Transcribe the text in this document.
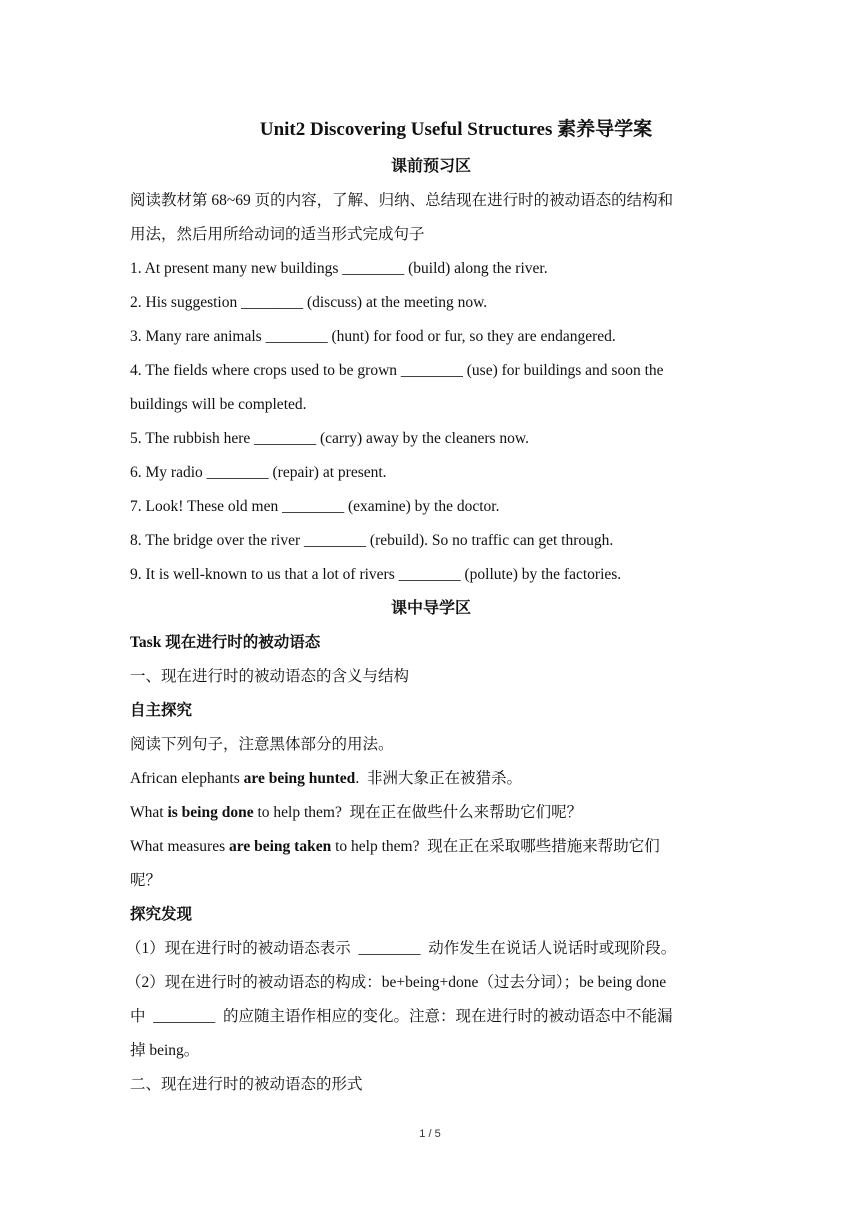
Unit2 Discovering Useful Structures 素养导学案
课前预习区
阅读教材第 68~69 页的内容，了解、归纳、总结现在进行时的被动语态的结构和
用法，然后用所给动词的适当形式完成句子
1. At present many new buildings ________ (build) along the river.
2. His suggestion ________ (discuss) at the meeting now.
3. Many rare animals ________ (hunt) for food or fur, so they are endangered.
4. The fields where crops used to be grown ________ (use) for buildings and soon the
buildings will be completed.
5. The rubbish here ________ (carry) away by the cleaners now.
6. My radio ________ (repair) at present.
7. Look! These old men ________ (examine) by the doctor.
8. The bridge over the river ________ (rebuild). So no traffic can get through.
9. It is well-known to us that a lot of rivers ________ (pollute) by the factories.
课中导学区
Task 现在进行时的被动语态
一、现在进行时的被动语态的含义与结构
自主探究
阅读下列句子，注意黑体部分的用法。
African elephants are being hunted.  非洲大象正在被猎杀。
What is being done to help them?  现在正在做些什么来帮助它们呢？
What measures are being taken to help them?  现在正在采取哪些措施来帮助它们
呢？
探究发现
（1）现在进行时的被动语态表示  ________  动作发生在说话人说话时或现阶段。
（2）现在进行时的被动语态的构成：be+being+done（过去分词）；be being done
中  ________  的应随主语作相应的变化。注意：现在进行时的被动语态中不能漏
掉 being。
二、现在进行时的被动语态的形式
1 / 5
